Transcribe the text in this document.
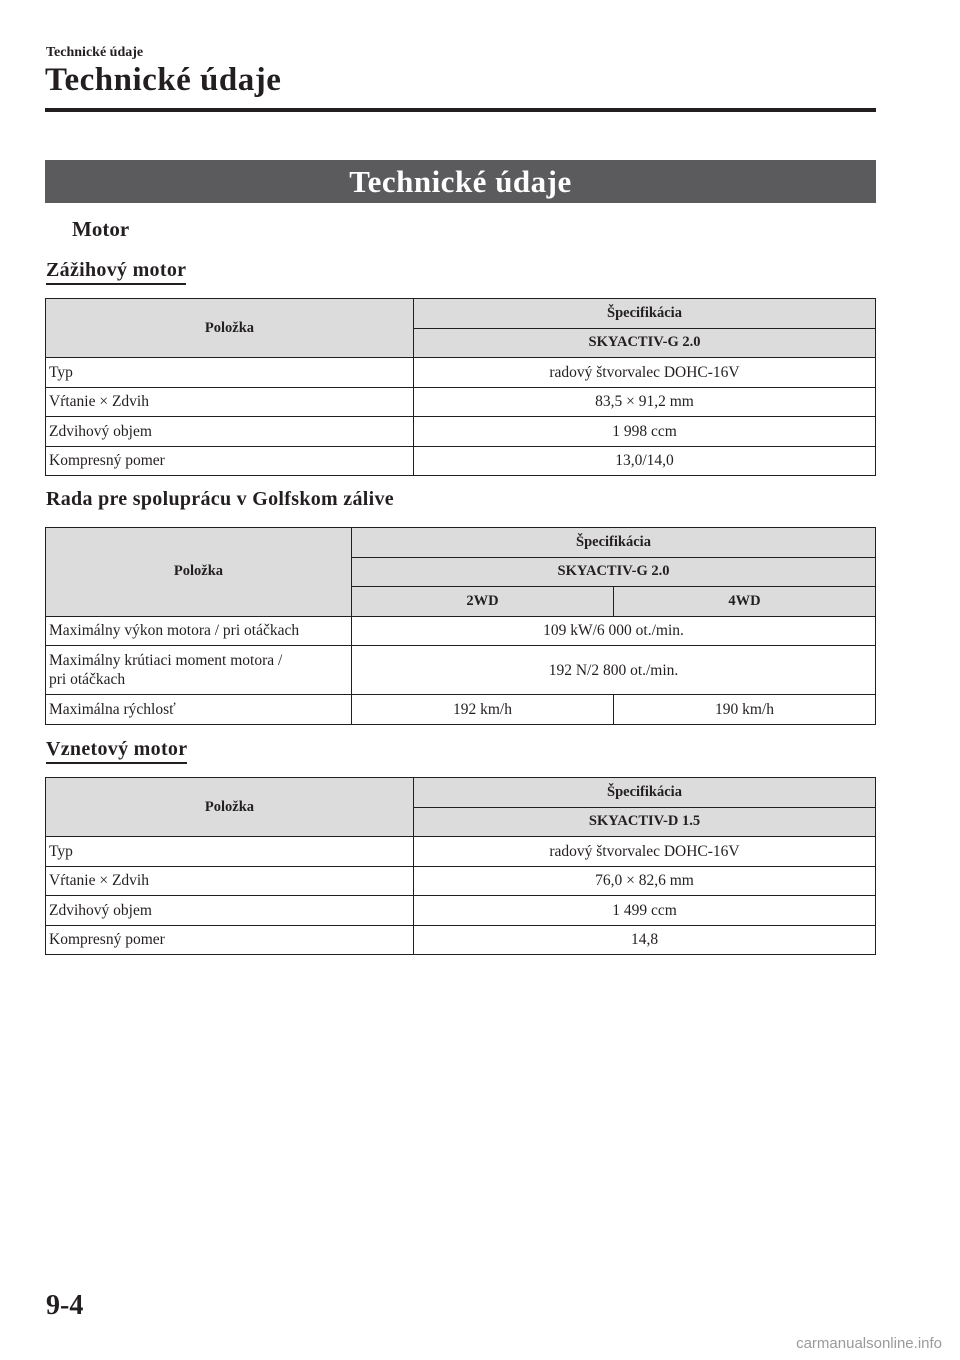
Technické údaje
Technické údaje
Technické údaje
Motor
Zážihový motor
Položka	Špecifikácia
	SKYACTIV-G 2.0
Typ	radový štvorvalec DOHC-16V
Vŕtanie × Zdvih	83,5 × 91,2 mm
Zdvihový objem	1 998 ccm
Kompresný pomer	13,0/14,0
Rada pre spoluprácu v Golfskom zálive
Položka	Špecifikácia	
	SKYACTIV-G 2.0	
	2WD	4WD
Maximálny výkon motora / pri otáčkach	109 kW/6 000 ot./min.	
Maximálny krútiaci moment motora /
pri otáčkach	192 N/2 800 ot./min.	
Maximálna rýchlosť	192 km/h	190 km/h
Vznetový motor
Položka	Špecifikácia
	SKYACTIV-D 1.5
Typ	radový štvorvalec DOHC-16V
Vŕtanie × Zdvih	76,0 × 82,6 mm
Zdvihový objem	1 499 ccm
Kompresný pomer	14,8
9-4
carmanualsonline.info
